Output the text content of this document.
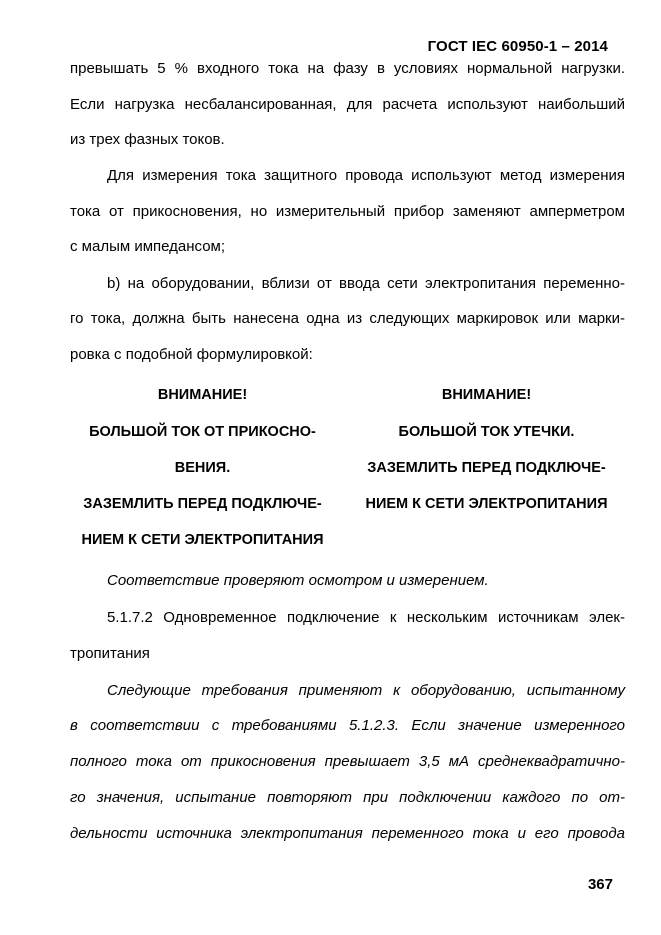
ГОСТ IEC 60950-1 – 2014
превышать 5 % входного тока на фазу в условиях нормальной нагрузки.
Если нагрузка несбалансированная, для расчета используют наибольший
из трех фазных токов.
Для измерения тока защитного провода используют метод измерения
тока от прикосновения, но измерительный прибор заменяют амперметром
с малым импедансом;
b) на оборудовании, вблизи от ввода сети электропитания переменно-
го тока, должна быть нанесена одна из следующих маркировок или марки-
ровка с подобной формулировкой:
ВНИМАНИЕ!
БОЛЬШОЙ ТОК ОТ ПРИКОСНО-
ВЕНИЯ.
ЗАЗЕМЛИТЬ ПЕРЕД ПОДКЛЮЧЕ-
НИЕМ К СЕТИ ЭЛЕКТРОПИТАНИЯ
ВНИМАНИЕ!
БОЛЬШОЙ ТОК УТЕЧКИ.
ЗАЗЕМЛИТЬ ПЕРЕД ПОДКЛЮЧЕ-
НИЕМ К СЕТИ ЭЛЕКТРОПИТАНИЯ
Соответствие проверяют осмотром и измерением.
5.1.7.2 Одновременное подключение к нескольким источникам элек-
тропитания
Следующие требования применяют к оборудованию, испытанному
в соответствии с требованиями 5.1.2.3. Если значение измеренного
полного тока от прикосновения превышает 3,5 мА среднеквадратично-
го значения, испытание повторяют при подключении каждого по от-
дельности источника электропитания переменного тока и его провода
367
